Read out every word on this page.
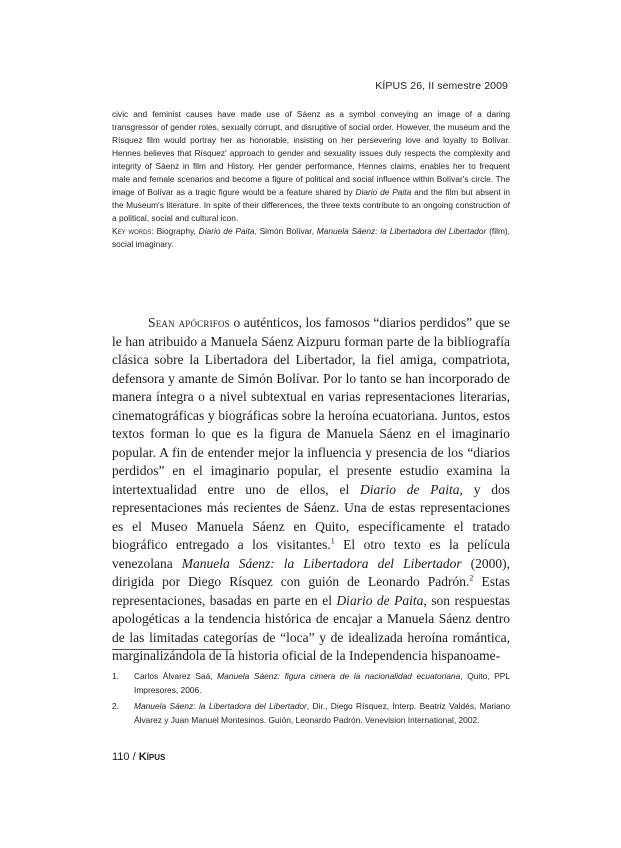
KÍPUS 26, II semestre 2009

civic and feminist causes have made use of Sáenz as a symbol conveying an image of a daring transgressor of gender roles, sexually corrupt, and disruptive of social order. However, the museum and the Rísquez film would portray her as honorable, insisting on her persevering love and loyalty to Bolívar. Hennes believes that Rísquez' approach to gender and sexuality issues duly respects the complexity and integrity of Sáenz in film and History. Her gender performance, Hennes claims, enables her to frequent male and female scenarios and become a figure of political and social influence within Bolívar's circle. The image of Bolívar as a tragic figure would be a feature shared by Diario de Paita and the film but absent in the Museum's literature. In spite of their differences, the three texts contribute to an ongoing construction of a political, social and cultural icon.

Key words: Biography, Diario de Paita, Simón Bolívar, Manuela Sáenz: la Libertadora del Libertador (film), social imaginary.

Sean apócrifos o auténticos, los famosos “diarios perdidos” que se le han atribuido a Manuela Sáenz Aizpuru forman parte de la bibliografía clásica sobre la Libertadora del Libertador, la fiel amiga, compatriota, defensora y amante de Simón Bolívar. Por lo tanto se han incorporado de manera íntegra o a nivel subtextual en varias representaciones literarias, cinematográficas y biográficas sobre la heroína ecuatoriana. Juntos, estos textos forman lo que es la figura de Manuela Sáenz en el imaginario popular. A fin de entender mejor la influencia y presencia de los “diarios perdidos” en el imaginario popular, el presente estudio examina la intertextualidad entre uno de ellos, el Diario de Paita, y dos representaciones más recientes de Sáenz. Una de estas representaciones es el Museo Manuela Sáenz en Quito, específicamente el tratado biográfico entregado a los visitantes.$^1$ El otro texto es la película venezolana Manuela Sáenz: la Libertadora del Libertador (2000), dirigida por Diego Rísquez con guión de Leonardo Padrón.$^2$ Estas representaciones, basadas en parte en el Diario de Paita, son respuestas apologéticas a la tendencia histórica de encajar a Manuela Sáenz dentro de las limitadas categorías de “loca” y de idealizada heroína romántica, marginalizándola de la historia oficial de la Independencia hispanoame-

1.	Carlos Álvarez Saá, Manuela Sáenz: figura cimera de la nacionalidad ecuatoriana, Quito, PPL Impresores, 2006.
2.	Manuela Sáenz: la Libertadora del Libertador, Dir., Diego Rísquez, Interp. Beatriz Valdés, Mariano Álvarez y Juan Manuel Montesinos. Guión, Leonardo Padrón. Venevision International, 2002.
110 / Kípus
